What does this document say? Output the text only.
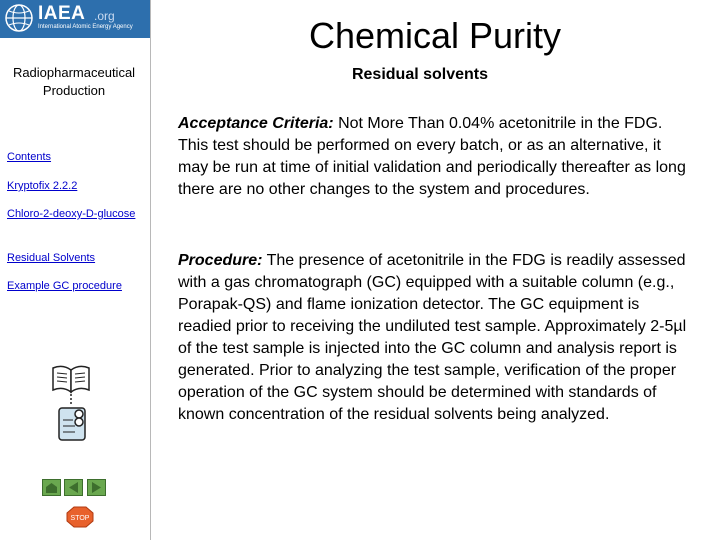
IAEA .org
International Atomic Energy Agency
Radiopharmaceutical Production
Contents
Kryptofix 2.2.2
Chloro-2-deoxy-D-glucose
Residual Solvents
Example GC procedure
STOP
Chemical Purity
Residual solvents
Acceptance Criteria: Not More Than 0.04% acetonitrile in the FDG. This test should be performed on every batch, or as an alternative, it may be run at time of initial validation and periodically thereafter as long there are no other changes to the system and procedures.
Procedure: The presence of acetonitrile in the FDG is readily assessed with a gas chromatograph (GC) equipped with a suitable column (e.g., Porapak-QS) and flame ionization detector. The GC equipment is readied prior to receiving the undiluted test sample. Approximately 2-5µl of the test sample is injected into the GC column and analysis report is generated. Prior to analyzing the test sample, verification of the proper operation of the GC system should be determined with standards of known concentration of the residual solvents being analyzed.
